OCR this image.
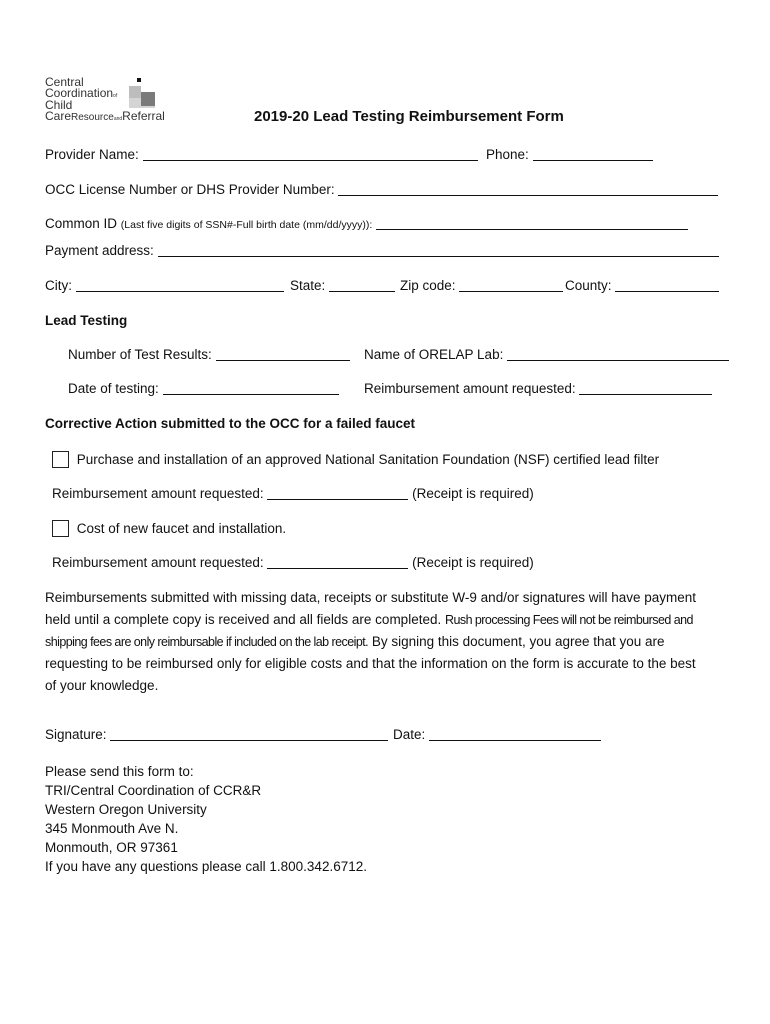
Central
Coordinationof
Child
CareResourceandReferral	2019-20 Lead Testing Reimbursement Form
Provider Name:	Phone:
OCC License Number or DHS Provider Number:
Common ID (Last five digits of SSN#-Full birth date (mm/dd/yyyy)):
Payment address:
City:	State:	Zip code:	County:
Lead Testing
Number of Test Results:	Name of ORELAP Lab:
Date of testing:	Reimbursement amount requested:
Corrective Action submitted to the OCC for a failed faucet
Purchase and installation of an approved National Sanitation Foundation (NSF) certified lead filter
Reimbursement amount requested:	(Receipt is required)
Cost of new faucet and installation.
Reimbursement amount requested:	(Receipt is required)
Reimbursements submitted with missing data, receipts or substitute W-9 and/or signatures will have payment
held until a complete copy is received and all fields are completed. Rush processing Fees will not be reimbursed and
shipping fees are only reimbursable if included on the lab receipt. By signing this document, you agree that you are
requesting to be reimbursed only for eligible costs and that the information on the form is accurate to the best
of your knowledge.
Signature:	Date:
Please send this form to:
TRI/Central Coordination of CCR&R
Western Oregon University
345 Monmouth Ave N.
Monmouth, OR 97361
If you have any questions please call 1.800.342.6712.
